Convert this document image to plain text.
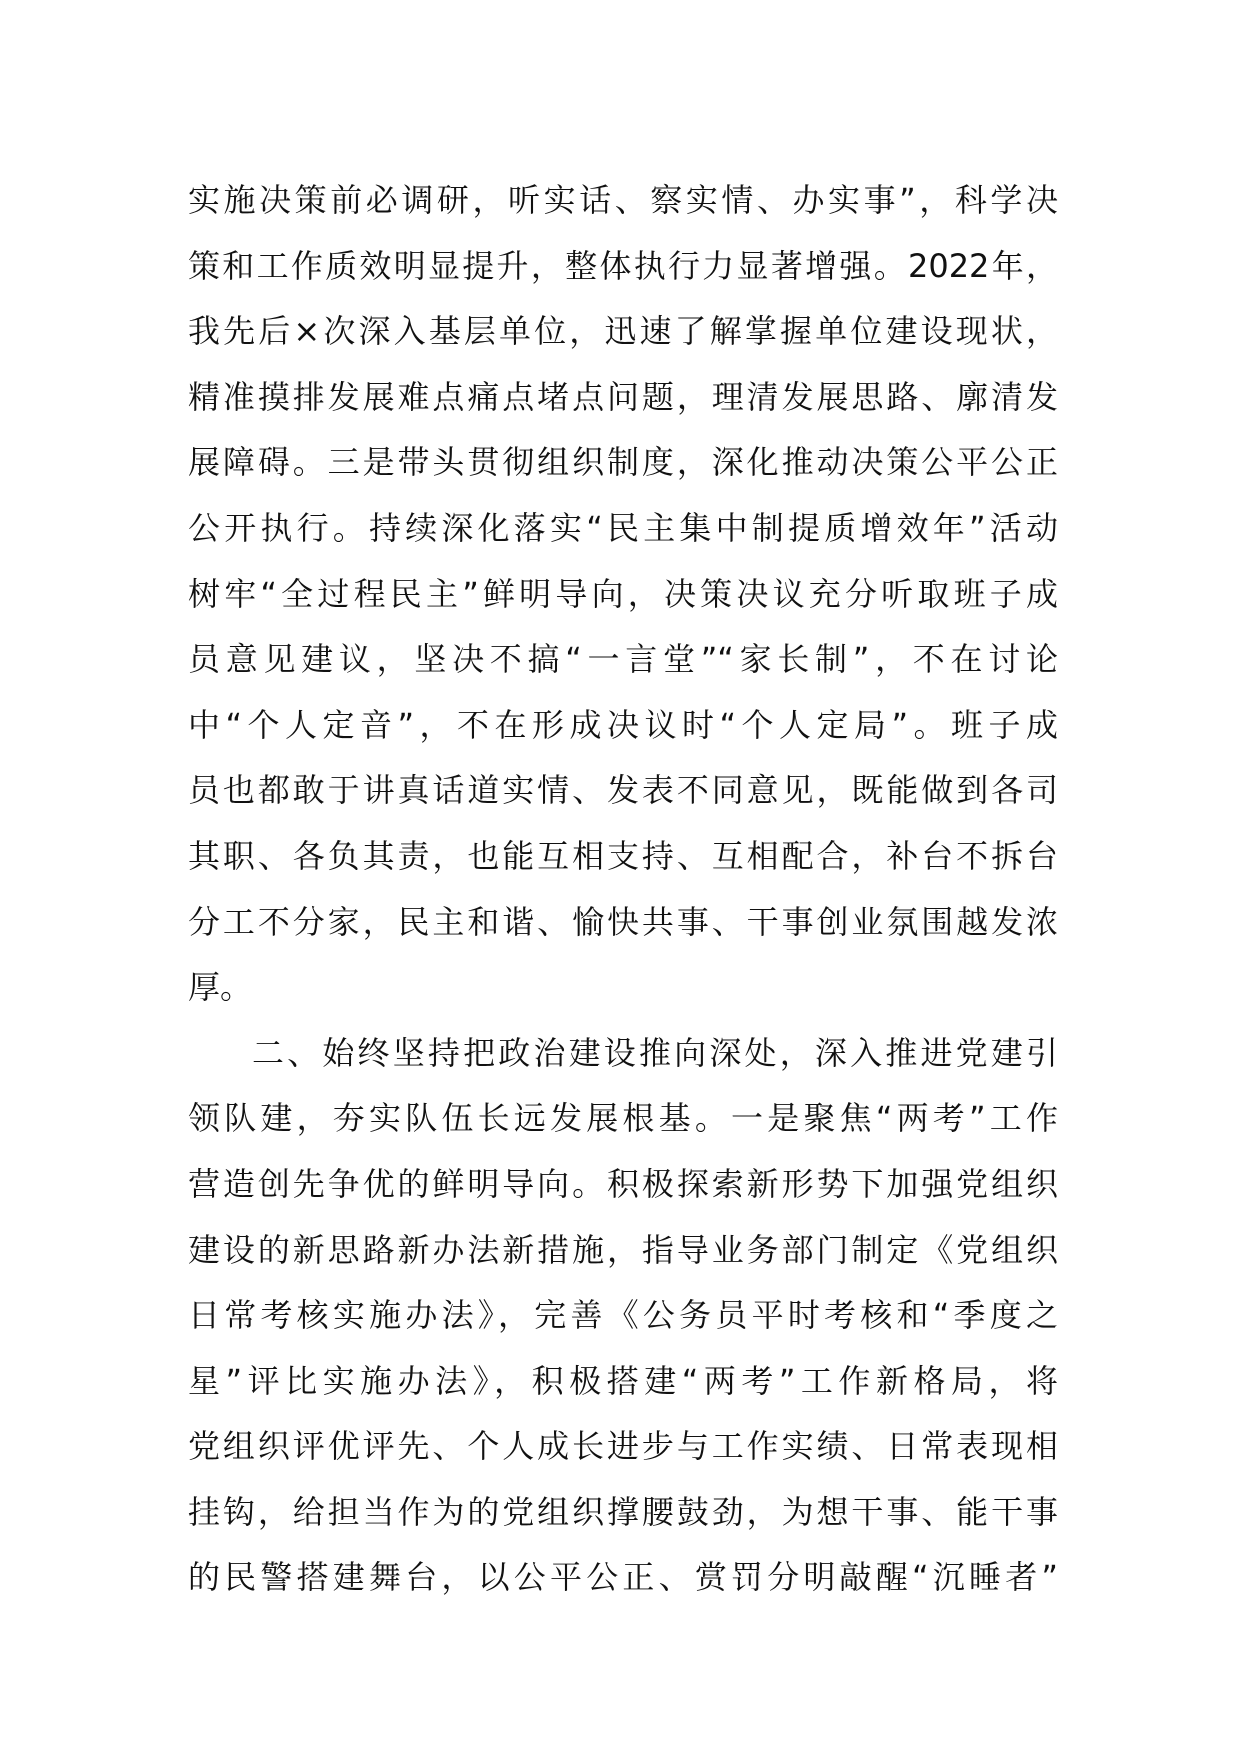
实施决策前必调研，听实话、察实情、办实事”，科学决
策和工作质效明显提升，整体执行力显著增强。2022年，
我先后×次深入基层单位，迅速了解掌握单位建设现状，
精准摸排发展难点痛点堵点问题，理清发展思路、廓清发
展障碍。三是带头贯彻组织制度，深化推动决策公平公正
公开执行。持续深化落实“民主集中制提质增效年”活动
树牢“全过程民主”鲜明导向，决策决议充分听取班子成
员意见建议，坚决不搞“一言堂”“家长制”，不在讨论
中“个人定音”，不在形成决议时“个人定局”。班子成
员也都敢于讲真话道实情、发表不同意见，既能做到各司
其职、各负其责，也能互相支持、互相配合，补台不拆台
分工不分家，民主和谐、愉快共事、干事创业氛围越发浓
厚。
二、始终坚持把政治建设推向深处，深入推进党建引
领队建，夯实队伍长远发展根基。一是聚焦“两考”工作
营造创先争优的鲜明导向。积极探索新形势下加强党组织
建设的新思路新办法新措施，指导业务部门制定《党组织
日常考核实施办法》，完善《公务员平时考核和“季度之
星”评比实施办法》，积极搭建“两考”工作新格局，将
党组织评优评先、个人成长进步与工作实绩、日常表现相
挂钩，给担当作为的党组织撑腰鼓劲，为想干事、能干事
的民警搭建舞台，以公平公正、赏罚分明敲醒“沉睡者”
